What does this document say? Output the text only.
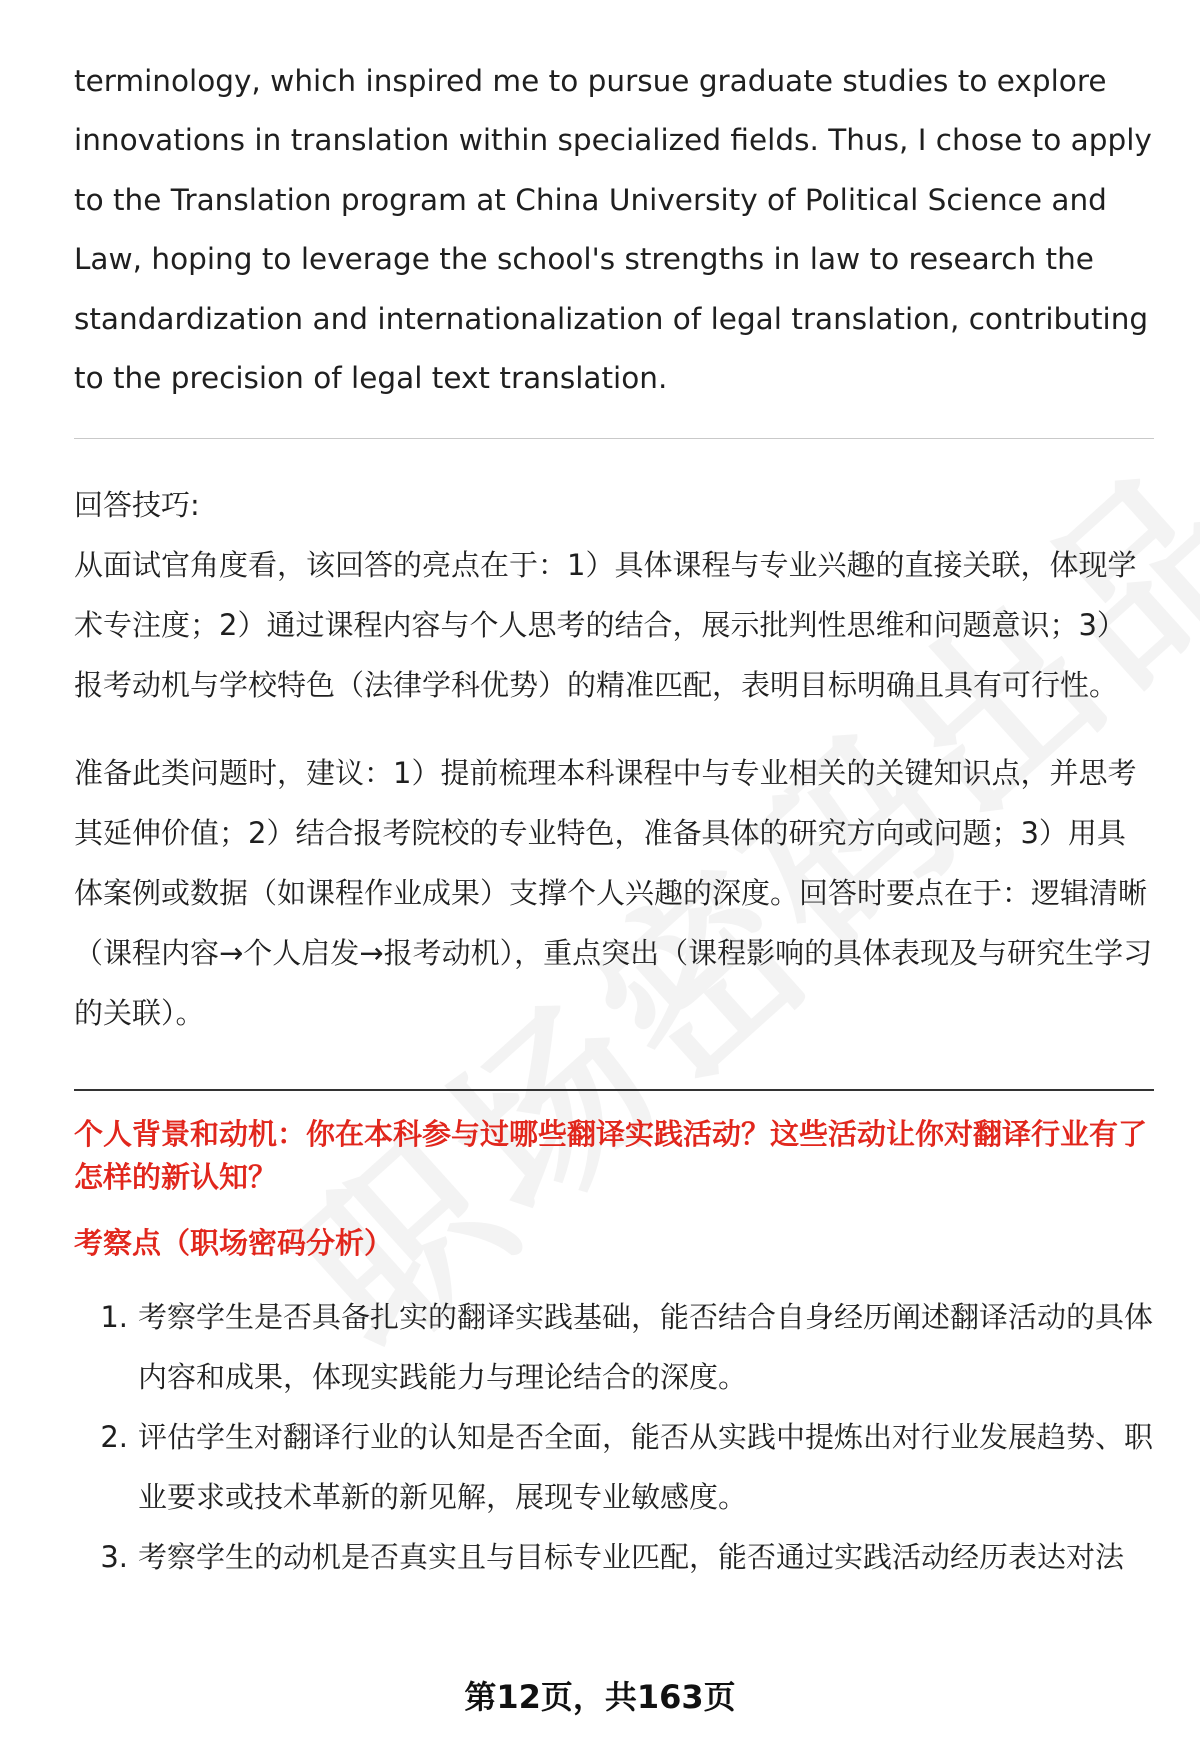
terminology, which inspired me to pursue graduate studies to explore innovations in translation within specialized fields. Thus, I chose to apply to the Translation program at China University of Political Science and Law, hoping to leverage the school's strengths in law to research the standardization and internationalization of legal translation, contributing to the precision of legal text translation.

回答技巧:

从面试官角度看，该回答的亮点在于：1）具体课程与专业兴趣的直接关联，体现学术专注度；2）通过课程内容与个人思考的结合，展示批判性思维和问题意识；3）报考动机与学校特色（法律学科优势）的精准匹配，表明目标明确且具有可行性。

准备此类问题时，建议：1）提前梳理本科课程中与专业相关的关键知识点，并思考其延伸价值；2）结合报考院校的专业特色，准备具体的研究方向或问题；3）用具体案例或数据（如课程作业成果）支撑个人兴趣的深度。回答时要点在于：逻辑清晰（课程内容→个人启发→报考动机），重点突出（课程影响的具体表现及与研究生学习的关联）。

个人背景和动机：你在本科参与过哪些翻译实践活动？这些活动让你对翻译行业有了怎样的新认知？

考察点（职场密码分析）

1. 考察学生是否具备扎实的翻译实践基础，能否结合自身经历阐述翻译活动的具体内容和成果，体现实践能力与理论结合的深度。
2. 评估学生对翻译行业的认知是否全面，能否从实践中提炼出对行业发展趋势、职业要求或技术革新的新见解，展现专业敏感度。
3. 考察学生的动机是否真实且与目标专业匹配，能否通过实践活动经历表达对法
第12页，共163页
